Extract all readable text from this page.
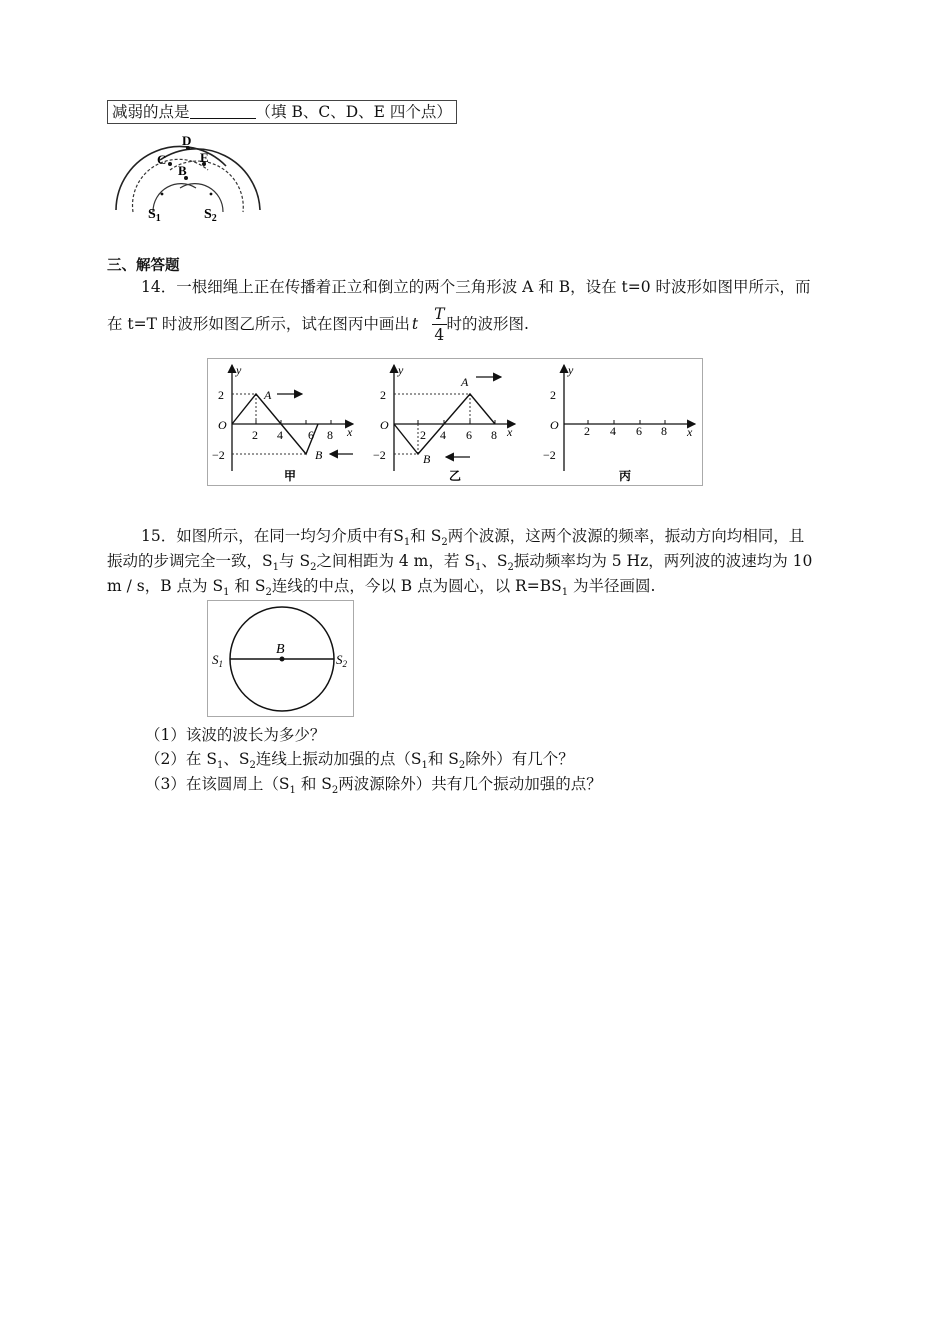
减弱的点是	（填 B、C、D、E 四个点）
D
C	E
B
$S_1$	$S_2$
三、解答题
14．一根细绳上正在传播着正立和倒立的两个三角形波 A 和 B，设在 t=0 时波形如图甲所示，而
在 t=T 时波形如图乙所示，试在图丙中画出 t $\frac{T}{4}$ 时的波形图.
y
x
O
2
−2
2 4 6 8
A
B
甲
y
x
O
2
−2
2 4 6 8
A
B
乙
y
x
O
2
−2
2 4 6 8
丙
15．如图所示，在同一均匀介质中有$S_1$和 $S_2$两个波源，这两个波源的频率，振动方向均相同，且
振动的步调完全一致，$S_1$与 $S_2$之间相距为 4 m，若 $S_1$、$S_2$振动频率均为 5 Hz，两列波的波速均为 10
m / s，B 点为 $S_1$ 和 $S_2$连线的中点，今以 B 点为圆心，以 $R=BS_1$ 为半径画圆.
B
$S_1$	$S_2$
（1）该波的波长为多少？
（2）在 $S_1$、$S_2$连线上振动加强的点（$S_1$和 $S_2$除外）有几个？
（3）在该圆周上（$S_1$ 和 $S_2$两波源除外）共有几个振动加强的点？
